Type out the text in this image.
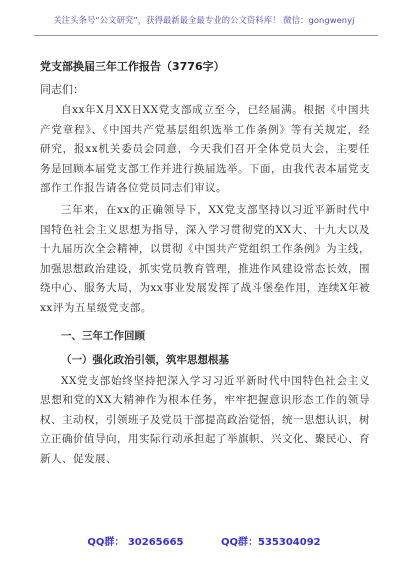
关注头条号“公文研究”，获得最新最全最专业的公文资料库！ 微信：gongwenyj
党支部换届三年工作报告（3776字）
同志们：

自xx年X月XX日XX党支部成立至今，已经届满。根据《中国共产党章程》、《中国共产党基层组织选举工作条例》等有关规定，经研究，报xx机关委员会同意，今天我们召开全体党员大会，主要任务是回顾本届党支部工作并进行换届选举。下面，由我代表本届党支部作工作报告请各位党员同志们审议。

三年来，在xx的正确领导下，XX党支部坚持以习近平新时代中国特色社会主义思想为指导，深入学习贯彻党的XX大、十九大以及十九届历次全会精神，以贯彻《中国共产党组织工作条例》为主线，加强思想政治建设，抓实党员教育管理，推进作风建设常态长效，围绕中心、服务大局，为xx事业发展发挥了战斗堡垒作用，连续X年被xx评为五星级党支部。

一、三年工作回顾
（一）强化政治引领，筑牢思想根基

XX党支部始终坚持把深入学习习近平新时代中国特色社会主义思想和党的XX大精神作为根本任务，牢牢把握意识形态工作的领导权、主动权，引领班子及党员干部提高政治觉悟，统一思想认识，树立正确价值导向，用实际行动承担起了举旗帜、兴文化、聚民心、育新人、促发展、

QQ群： 30265665	QQ群：535304092
